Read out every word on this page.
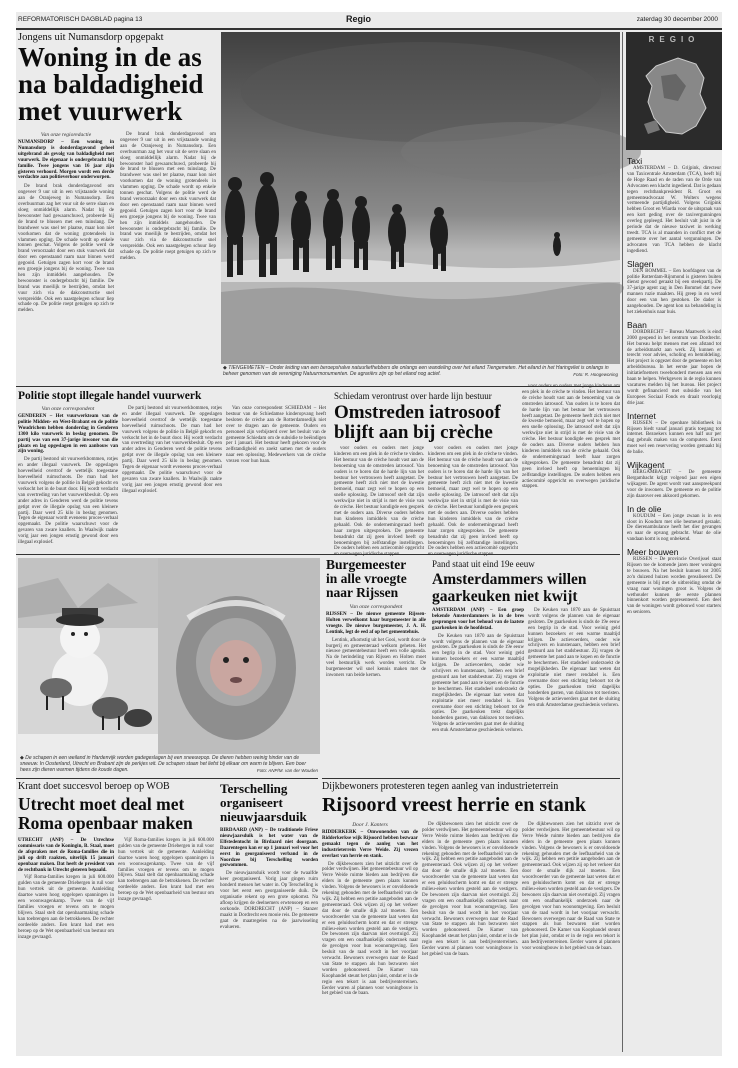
REFORMATORISCH DAGBLAD pagina 13	Regio	zaterdag 30 december 2000
Jongens uit Numansdorp opgepakt
Woning in de as
na baldadigheid
met vuurwerk
Van onze regioredactie
NUMANSDORP – Een woning in Numansdorp is donderdagavond geheel uitgebrand als gevolg van baldadigheid met vuurwerk. De eigenaar is ondergebracht bij familie. Twee jongens van 16 jaar zijn gisteren verhoord. Morgen wordt een derde verdachte aan politieverhoor onderworpen.
De brand brak donderdagavond om ongeveer 9 uur uit in een vrijstaande woning aan de Oranjeweg in Numansdorp. Een overbuurman zag het vuur uit de serre slaan en sloeg onmiddellijk alarm. Nadat hij de bewoonster had gewaarschuwd, probeerde hij de brand te blussen met een tuinslang. De brandweer was snel ter plaatse, maar kon niet voorkomen dat de woning grotendeels in vlammen opging. De schade wordt op enkele tonnen geschat. Volgens de politie werd de brand veroorzaakt door een stuk vuurwerk dat door een openstaand raam naar binnen werd gegooid. Getuigen zagen kort voor de brand een groepje jongens bij de woning. Twee van hen zijn inmiddels aangehouden. De bewoonster is ondergebracht bij familie. De brand was moeilijk te bestrijden, omdat het vuur zich via de dakconstructie snel verspreidde. Ook een naastgelegen schuur liep schade op. De politie roept getuigen op zich te melden.
De brand brak donderdagavond om ongeveer 9 uur uit in een vrijstaande woning aan de Oranjeweg in Numansdorp. Een overbuurman zag het vuur uit de serre slaan en sloeg onmiddellijk alarm. Nadat hij de bewoonster had gewaarschuwd, probeerde hij de brand te blussen met een tuinslang. De brandweer was snel ter plaatse, maar kon niet voorkomen dat de woning grotendeels in vlammen opging. De schade wordt op enkele tonnen geschat. Volgens de politie werd de brand veroorzaakt door een stuk vuurwerk dat door een openstaand raam naar binnen werd gegooid. Getuigen zagen kort voor de brand een groepje jongens bij de woning. Twee van hen zijn inmiddels aangehouden. De bewoonster is ondergebracht bij familie. De brand was moeilijk te bestrijden, omdat het vuur zich via de dakconstructie snel verspreidde. Ook een naastgelegen schuur liep schade op. De politie roept getuigen op zich te melden.
◆ TIENGEMETEN – Onder leiding van een beroepshalve natuurliefhebbers die onlangs een wandeling over het eiland Tiengemeten. Het eiland in het Haringvliet is onlangs in beheer genomen van de vereniging Natuurmonumenten. De agrariërs zijn op het eiland nog actief.	Foto: R. Hoogewoning
REGIO
Taxi
AMSTERDAM – D. Grijpink, directeur van Taxicentrale Amsterdam (TCA), heeft bij de Hoge Raad en de raden van de Orde van Advocaten een klacht ingediend. Dat is gedaan tegen rechtbankpresident R. Groot en gemeenteadvocaat W. Wolters wegens vermeende partijdigheid. Volgens Grijpink hebben Groot en Wiarda voor de uitspraak van een kort geding over de taxivergunningen overleg gepleegd. Het besluit valt juist in de periode dat de nieuwe taxiwet in werking treedt. TCA is al maanden in conflict met de gemeente over het aantal vergunningen. De advocaten van TCA hebben de klacht ingediend.
Slagen
DEN BOMMEL – Een hoofdagent van de politie Rotterdam-Rijnmond is gisteren buiten dienst gewond geraakt bij een steekpartij. De 37-jarige agent zag in Den Bommel dat twee mannen ruzie maakten. Hij greep in en werd door een van hen gestoken. De dader is aangehouden. De agent kon na behandeling in het ziekenhuis naar huis.
Baan
DORDRECHT – Bureau Maatwerk is eind 2000 geopend in het centrum van Dordrecht. Het bureau helpt mensen met een afstand tot de arbeidsmarkt aan werk. Zij kunnen er terecht voor advies, scholing en bemiddeling. Het project is opgezet door de gemeente en het arbeidsbureau. In het eerste jaar hopen de initiatiefnemers tweehonderd mensen aan een baan te helpen. Werkgevers in de regio kunnen vacatures melden bij het bureau. Het project wordt gefinancierd met subsidie van het Europees Sociaal Fonds en draait voorlopig drie jaar.
Internet
RIJSSEN – De openbare bibliotheek in Rijssen biedt vanaf januari gratis toegang tot internet. Bezoekers kunnen een half uur per dag gebruik maken van de computers. Eerst moet wel een reservering worden gemaakt bij de balie.
Wijkagent
BERGAMBACHT – De gemeente Bergambacht krijgt volgend jaar een eigen wijkagent. De agent wordt vast aanspreekpunt voor de inwoners. De gemeente en de politie zijn daarover een akkoord gekomen.
In de olie
KOUDUM – Een jonge zwaan is in een sloot in Koudum met olie besmeurd geraakt. De dierenambulance heeft het dier gevangen en naar de opvang gebracht. Waar de olie vandaan komt is nog onbekend.
Meer bouwen
RIJSSEN – De provincie Overijssel staat Rijssen toe de komende jaren meer woningen te bouwen. Na het besluit kunnen tot 2005 zo'n duizend huizen worden gerealiseerd. De gemeente is blij met de uitbreiding omdat de vraag naar woningen groot is. Volgens de wethouder kunnen de eerste plannen binnenkort worden gepresenteerd. Een deel van de woningen wordt gebouwd voor starters en senioren.
Politie stopt illegale handel vuurwerk
Van onze correspondent
GENDEREN – Het vuurwerkteam van de politie Midden- en West-Brabant en de politie Woudrichem hebben donderdag in Genderen 1300 kilo vuurwerk in beslag genomen. De partij was van een 37-jarige inwoner van die plaats en lag opgeslagen in een aanbouw van zijn woning.
De partij bestond uit vuurwerkbommen, rotjes en ander illegaal vuurwerk. De opgeslagen hoeveelheid overtrof de wettelijk toegestane hoeveelheid ruimschoots. De man had het vuurwerk volgens de politie in België gekocht en verkocht het in de buurt door. Hij wordt verdacht van overtreding van het vuurwerkbesluit. Op een ander adres in Genderen werd de politie tevens getipt over de illegale opslag van een kleinere partij. Daar werd 25 kilo in beslag genomen. Tegen de eigenaar wordt eveneens proces-verbaal opgemaakt. De politie waarschuwt voor de gevaren van zware knallers. In Waalwijk raakte vorig jaar een jongen ernstig gewond door een illegaal explosief.
De partij bestond uit vuurwerkbommen, rotjes en ander illegaal vuurwerk. De opgeslagen hoeveelheid overtrof de wettelijk toegestane hoeveelheid ruimschoots. De man had het vuurwerk volgens de politie in België gekocht en verkocht het in de buurt door. Hij wordt verdacht van overtreding van het vuurwerkbesluit. Op een ander adres in Genderen werd de politie tevens getipt over de illegale opslag van een kleinere partij. Daar werd 25 kilo in beslag genomen. Tegen de eigenaar wordt eveneens proces-verbaal opgemaakt. De politie waarschuwt voor de gevaren van zware knallers. In Waalwijk raakte vorig jaar een jongen ernstig gewond door een illegaal explosief.
Van onze correspondent SCHIEDAM – Het bestuur van de Schiedamse kinderopvang heeft besloten de crèche aan de Rotterdamsedijk niet over te dragen aan de gemeente. Ouders en personeel zijn verbijsterd over het besluit van de gemeente Schiedam om de subsidie te beëindigen per 1 januari. Het bestuur heeft gekozen voor de zelfstandigheid en zoekt samen met de ouders naar een oplossing. Medewerkers van de crèche vrezen voor hun baan.
Schiedam verontrust over harde lijn bestuur
Omstreden iatrosoof
blijft aan bij crèche
voor ouders en ouders met jonge kinderen om een plek in de crèche te vinden. Het bestuur van de crèche houdt vast aan de benoeming van de omstreden iatrosoof. Van ouders is te horen dat de harde lijn van het bestuur het vertrouwen heeft aangetast. De gemeente heeft zich niet met de kwestie bemoeid, maar zegt wel te hopen op een snelle oplossing. De iatrosoof stelt dat zijn werkwijze niet in strijd is met de visie van de crèche. Het bestuur kondigde een gesprek met de ouders aan. Diverse ouders hebben hun kinderen inmiddels van de crèche gehaald. Ook de ondernemingsraad heeft haar zorgen uitgesproken. De gemeente benadrukt dat zij geen invloed heeft op benoemingen bij zelfstandige instellingen. De ouders hebben een actiecomité opgericht
voor ouders en ouders met jonge kinderen om een plek in de crèche te vinden. Het bestuur van de crèche houdt vast aan de benoeming van de omstreden iatrosoof. Van ouders is te horen dat de harde lijn van het bestuur het vertrouwen heeft aangetast. De gemeente heeft zich niet met de kwestie bemoeid, maar zegt wel te hopen op een snelle oplossing. De iatrosoof stelt dat zijn werkwijze niet in strijd is met de visie van de crèche. Het bestuur kondigde een gesprek met de ouders aan. Diverse ouders hebben hun kinderen inmiddels van de crèche gehaald. Ook de ondernemingsraad heeft haar zorgen uitgesproken. De gemeente benadrukt dat zij geen invloed heeft op benoemingen bij zelfstandige instellingen. De ouders hebben een actiecomité opgericht
voor ouders en ouders met jonge kinderen om een plek in de crèche te vinden. Het bestuur van de crèche houdt vast aan de benoeming van de omstreden iatrosoof. Van ouders is te horen dat de harde lijn van het bestuur het vertrouwen heeft aangetast. De gemeente heeft zich niet met de kwestie bemoeid, maar zegt wel te hopen op een snelle oplossing. De iatrosoof stelt dat zijn werkwijze niet in strijd is met de visie van de crèche. Het bestuur kondigde een gesprek met de ouders aan. Diverse ouders hebben hun kinderen inmiddels van de crèche gehaald. Ook de ondernemingsraad heeft haar zorgen uitgesproken. De gemeente benadrukt dat zij geen invloed heeft op benoemingen bij zelfstandige instellingen. De ouders hebben een actiecomité opgericht en overwegen juridische stappen.
◆ De schapen in een weiland in Hardenvijk worden gadegeslagen bij een sneeuwpop. De dieren hebben weinig hinder van de sneeuw. In Oosterland, Utrecht en Brabant zijn de perkjes wit. De schapen staan het liefst bij elkaar om warm te blijven. Een boer hees zijn dieren warmen tijdens de koude dagen.	Foto: ANP/M. van der Wouden
Burgemeester
in alle vroegte
naar Rijssen
Van onze correspondent
RIJSSEN – De nieuwe gemeente Rijssen-Holten verwelkomt haar burgemeester in alle vroegte. De nieuwe burgemeester, J. A. H. Lentink, legt de eed af op het gemeentehuis.
Lentink, afkomstig uit het Gooi, wordt door de burgerij en gemeenteraad welkom geheten. Het nieuwe gemeentebestuur heeft een volle agenda. Na de herindeling van Rijssen en Holten moet veel bestuurlijk werk worden verricht. De burgemeester wil snel kennis maken met de inwoners van beide kernen.
Pand staat uit eind 19e eeuw
Amsterdammers willen
gaarkeuken niet kwijt
AMSTERDAM (ANP) – Een groep bekende Amsterdammers is in de bres gesprongen voor het behoud van de laatste gaarkeuken in de hoofdstad.
De Keuken van 1870 aan de Spuistraat wordt volgens de plannen van de eigenaar gesloten. De gaarkeuken is sinds de 19e eeuw een begrip in de stad. Voor weinig geld kunnen bezoekers er een warme maaltijd krijgen. De actievoerders, onder wie schrijvers en kunstenaars, hebben een brief gestuurd aan het stadsbestuur. Zij vragen de gemeente het pand aan te kopen en de functie te beschermen. Het stadsdeel onderzoekt de mogelijkheden. De eigenaar laat weten dat exploitatie niet meer rendabel is. Een overname door een stichting behoort tot de opties. De gaarkeuken trekt dagelijks honderden gasten, van daklozen tot toeristen. Volgens de actievoerders gaat met de sluiting een stuk Amsterdamse geschiedenis verloren.
De Keuken van 1870 aan de Spuistraat wordt volgens de plannen van de eigenaar gesloten. De gaarkeuken is sinds de 19e eeuw een begrip in de stad. Voor weinig geld kunnen bezoekers er een warme maaltijd krijgen. De actievoerders, onder wie schrijvers en kunstenaars, hebben een brief gestuurd aan het stadsbestuur. Zij vragen de gemeente het pand aan te kopen en de functie te beschermen. Het stadsdeel onderzoekt de mogelijkheden. De eigenaar laat weten dat exploitatie niet meer rendabel is. Een overname door een stichting behoort tot de opties. De gaarkeuken trekt dagelijks honderden gasten, van daklozen tot toeristen. Volgens de actievoerders gaat met de sluiting een stuk Amsterdamse geschiedenis verloren.
Dijkbewoners protesteren tegen aanleg van industrieterrein
Rijsoord vreest herrie en stank
Door J. Kanters
RIDDERKERK – Omwonenden van de Ridderkerkse wijk Rijsoord hebben bezwaar gemaakt tegen de aanleg van het industrieterrein Verre Weide. Zij vrezen overlast van herrie en stank.
De dijkbewoners zien het uitzicht over de polder verdwijnen. Het gemeentebestuur wil op Verre Weide ruimte bieden aan bedrijven die elders in de gemeente geen plaats kunnen vinden. Volgens de bewoners is er onvoldoende rekening gehouden met de leefbaarheid van de wijk. Zij hebben een petitie aangeboden aan de gemeenteraad. Ook wijzen zij op het verkeer dat door de smalle dijk zal moeten. Een woordvoerder van de gemeente laat weten dat er een geluidsscherm komt en dat er strenge milieu-eisen worden gesteld aan de vestigers. De bewoners zijn daarvan niet overtuigd. Zij vragen om een onafhankelijk onderzoek naar de gevolgen voor hun woonomgeving. Een besluit van de raad wordt in het voorjaar verwacht. Bewoners overwegen naar de Raad van State te stappen als hun bezwaren niet worden gehonoreerd. De Kamer van Koophandel steunt het plan juist, omdat er in de regio een tekort is aan bedrijventerreinen. Eerder waren al plannen voor woningbouw in het gebied van de baan.
De dijkbewoners zien het uitzicht over de polder verdwijnen. Het gemeentebestuur wil op Verre Weide ruimte bieden aan bedrijven die elders in de gemeente geen plaats kunnen vinden. Volgens de bewoners is er onvoldoende rekening gehouden met de leefbaarheid van de wijk. Zij hebben een petitie aangeboden aan de gemeenteraad. Ook wijzen zij op het verkeer dat door de smalle dijk zal moeten. Een woordvoerder van de gemeente laat weten dat er een geluidsscherm komt en dat er strenge milieu-eisen worden gesteld aan de vestigers. De bewoners zijn daarvan niet overtuigd. Zij vragen om een onafhankelijk onderzoek naar de gevolgen voor hun woonomgeving. Een besluit van de raad wordt in het voorjaar verwacht. Bewoners overwegen naar de Raad van State te stappen als hun bezwaren niet worden gehonoreerd. De Kamer van Koophandel steunt het plan juist, omdat er in de regio een tekort is aan bedrijventerreinen. Eerder waren al plannen voor woningbouw in het gebied van de baan.
De dijkbewoners zien het uitzicht over de polder verdwijnen. Het gemeentebestuur wil op Verre Weide ruimte bieden aan bedrijven die elders in de gemeente geen plaats kunnen vinden. Volgens de bewoners is er onvoldoende rekening gehouden met de leefbaarheid van de wijk. Zij hebben een petitie aangeboden aan de gemeenteraad. Ook wijzen zij op het verkeer dat door de smalle dijk zal moeten. Een woordvoerder van de gemeente laat weten dat er een geluidsscherm komt en dat er strenge milieu-eisen worden gesteld aan de vestigers. De bewoners zijn daarvan niet overtuigd. Zij vragen om een onafhankelijk onderzoek naar de gevolgen voor hun woonomgeving. Een besluit van de raad wordt in het voorjaar verwacht. Bewoners overwegen naar de Raad van State te stappen als hun bezwaren niet worden gehonoreerd. De Kamer van Koophandel steunt het plan juist, omdat er in de regio een tekort is aan bedrijventerreinen. Eerder waren al plannen voor woningbouw in het gebied van de baan.
Krant doet succesvol beroep op WOB
Utrecht moet deal met
Roma openbaar maken
UTRECHT (ANP) – De Utrechtse commissaris van de Koningin, B. Staal, moet de afspraken met de Roma-families die in juli op drift raakten, uiterlijk 15 januari openbaar maken. Dat heeft de president van de rechtbank in Utrecht gisteren bepaald.
Vijf Roma-families kregen in juli 600.000 gulden van de gemeente Driebergen in ruil voor hun vertrek uit de gemeente. Aanleiding daartoe waren hoog opgelopen spanningen in een woonwagenkamp. Twee van de vijf families vroegen er tevens om te mogen blijven. Staal stelt dat openbaarmaking schade kan toebrengen aan de betrokkenen. De rechter oordeelde anders. Een krant had met een beroep op de Wet openbaarheid van bestuur om inzage gevraagd.
Vijf Roma-families kregen in juli 600.000 gulden van de gemeente Driebergen in ruil voor hun vertrek uit de gemeente. Aanleiding daartoe waren hoog opgelopen spanningen in een woonwagenkamp. Twee van de vijf families vroegen er tevens om te mogen blijven. Staal stelt dat openbaarmaking schade kan toebrengen aan de betrokkenen. De rechter oordeelde anders. Een krant had met een beroep op de Wet openbaarheid van bestuur om inzage gevraagd.
Terschelling
organiseert
nieuwjaarsduik
BIRDAARD (ANP) – De traditionele Friese nieuwjaarsduik is het water van de Elfstedentocht in Birdaard niet doorgaan. Daarentegen kan er op 1 januari wel voor het eerst in georganiseerd verband in de Noordzee bij Terschelling worden gezwommen.
De nieuwjaarsduik wordt voor de twaalfde keer georganiseerd. Vorig jaar gingen ruim honderd mensen het water in. Op Terschelling is voor het eerst een georganiseerde duik. De organisatie rekent op een grote opkomst. Na afloop krijgen de deelnemers erwtensoep en een oorkonde. DORDRECHT (ANP) – Stanzer maakt in Dordrecht een mooie reis. De gemeente gaat de maatregelen na de jaarwisseling evalueren.
